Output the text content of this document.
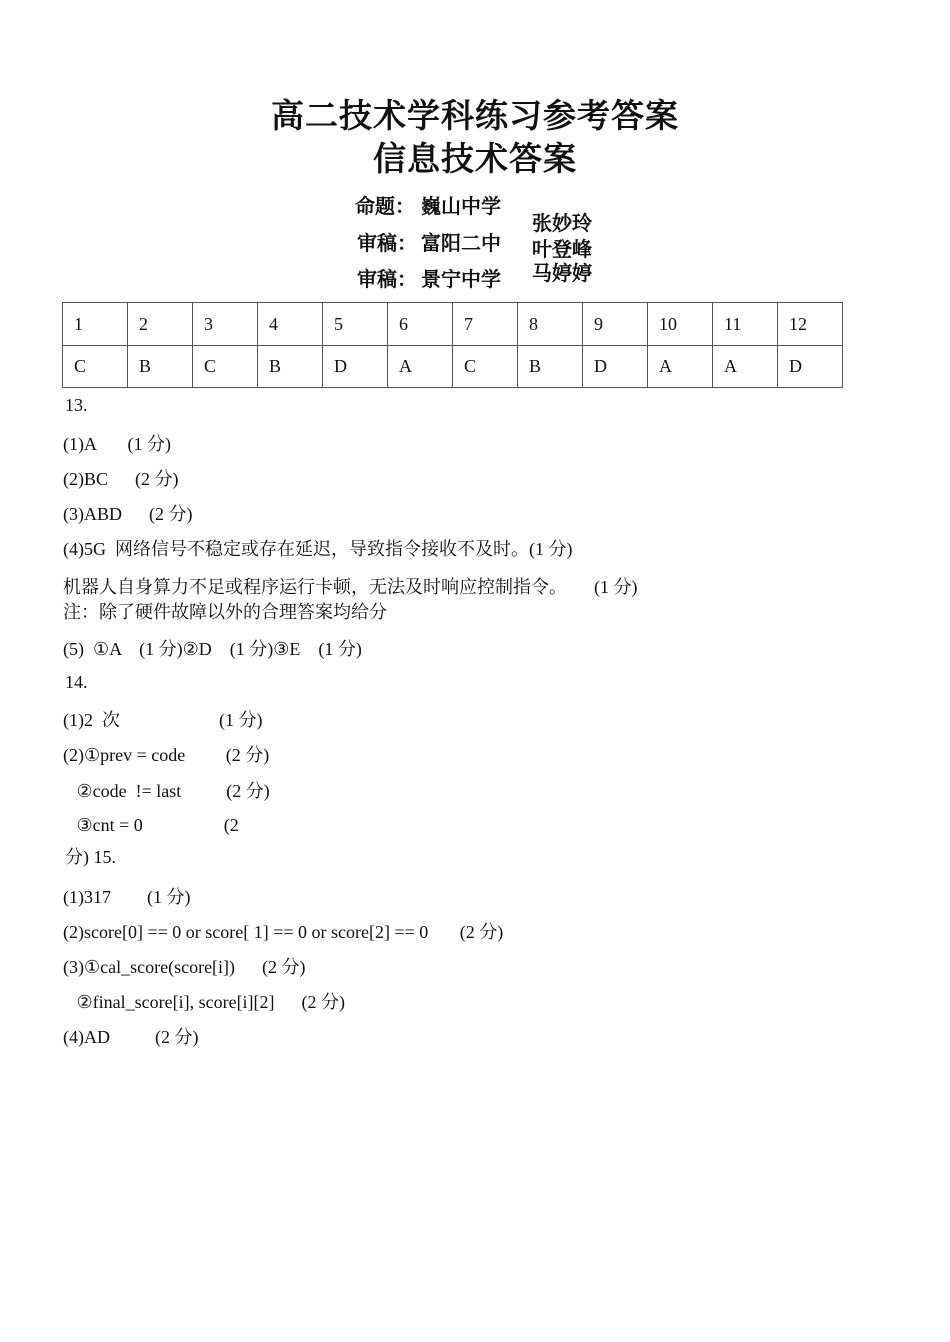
高二技术学科练习参考答案
信息技术答案
命题： 巍山中学
审稿： 富阳二中
审稿： 景宁中学
张妙玲
叶登峰
马婷婷
1	2	3	4	5	6	7	8	9	10	11	12
C	B	C	B	D	A	C	B	D	A	A	D
13.
(1)A       (1 分)
(2)BC      (2 分)
(3)ABD      (2 分)
(4)5G  网络信号不稳定或存在延迟，导致指令接收不及时。(1 分)
机器人自身算力不足或程序运行卡顿，无法及时响应控制指令。      (1 分)
注：除了硬件故障以外的合理答案均给分
(5)  ①A    (1 分)②D    (1 分)③E    (1 分)
14.
(1)2  次                      (1 分)
(2)①prev = code         (2 分)
②code  != last          (2 分)
③cnt = 0                  (2
分) 15.
(1)317        (1 分)
(2)score[0] == 0 or score[ 1] == 0 or score[2] == 0       (2 分)
(3)①cal_score(score[i])      (2 分)
②final_score[i], score[i][2]      (2 分)
(4)AD          (2 分)
